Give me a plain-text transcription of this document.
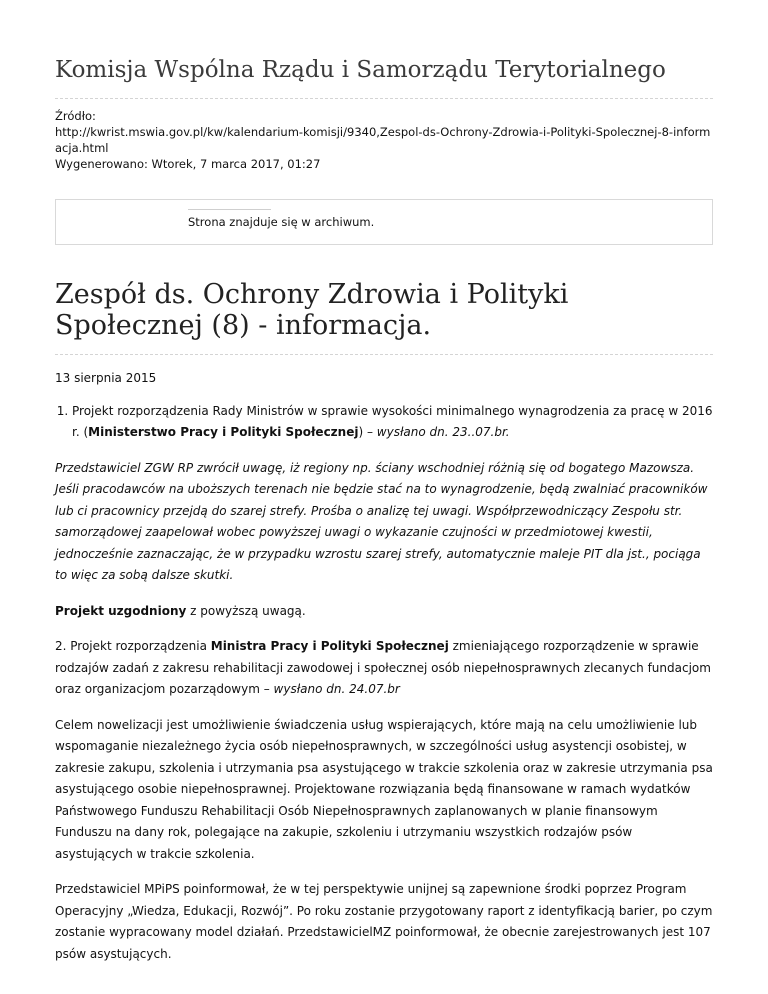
Komisja Wspólna Rządu i Samorządu Terytorialnego
Źródło:
http://kwrist.mswia.gov.pl/kw/kalendarium-komisji/9340,Zespol-ds-Ochrony-Zdrowia-i-Polityki-Spolecznej-8-informacja.html
Wygenerowano: Wtorek, 7 marca 2017, 01:27
Strona znajduje się w archiwum.
Zespół ds. Ochrony Zdrowia i Polityki Społecznej (8) - informacja.
13 sierpnia 2015
1. Projekt rozporządzenia Rady Ministrów w sprawie wysokości minimalnego wynagrodzenia za pracę w 2016 r. (Ministerstwo Pracy i Polityki Społecznej) – wysłano dn. 23..07.br.
Przedstawiciel ZGW RP zwrócił uwagę, iż regiony np. ściany wschodniej różnią się od bogatego Mazowsza. Jeśli pracodawców na uboższych terenach nie będzie stać na to wynagrodzenie, będą zwalniać pracowników lub ci pracownicy przejdą do szarej strefy. Prośba o analizę tej uwagi. Współprzewodniczący Zespołu str. samorządowej zaapelował wobec powyższej uwagi o wykazanie czujności w przedmiotowej kwestii, jednocześnie zaznaczając, że w przypadku wzrostu szarej strefy, automatycznie maleje PIT dla jst., pociąga to więc za sobą dalsze skutki.
Projekt uzgodniony z powyższą uwagą.
2. Projekt rozporządzenia Ministra Pracy i Polityki Społecznej zmieniającego rozporządzenie w sprawie rodzajów zadań z zakresu rehabilitacji zawodowej i społecznej osób niepełnosprawnych zlecanych fundacjom oraz organizacjom pozarządowym – wysłano dn. 24.07.br
Celem nowelizacji jest umożliwienie świadczenia usług wspierających, które mają na celu umożliwienie lub wspomaganie niezależnego życia osób niepełnosprawnych, w szczególności usług asystencji osobistej, w zakresie zakupu, szkolenia i utrzymania psa asystującego w trakcie szkolenia oraz w zakresie utrzymania psa asystującego osobie niepełnosprawnej. Projektowane rozwiązania będą finansowane w ramach wydatków Państwowego Funduszu Rehabilitacji Osób Niepełnosprawnych zaplanowanych w planie finansowym Funduszu na dany rok, polegające na zakupie, szkoleniu i utrzymaniu wszystkich rodzajów psów asystujących w trakcie szkolenia.
Przedstawiciel MPiPS poinformował, że w tej perspektywie unijnej są zapewnione środki poprzez Program Operacyjny „Wiedza, Edukacji, Rozwój”. Po roku zostanie przygotowany raport z identyfikacją barier, po czym zostanie wypracowany model działań. PrzedstawicielMZ poinformował, że obecnie zarejestrowanych jest 107 psów asystujących.
